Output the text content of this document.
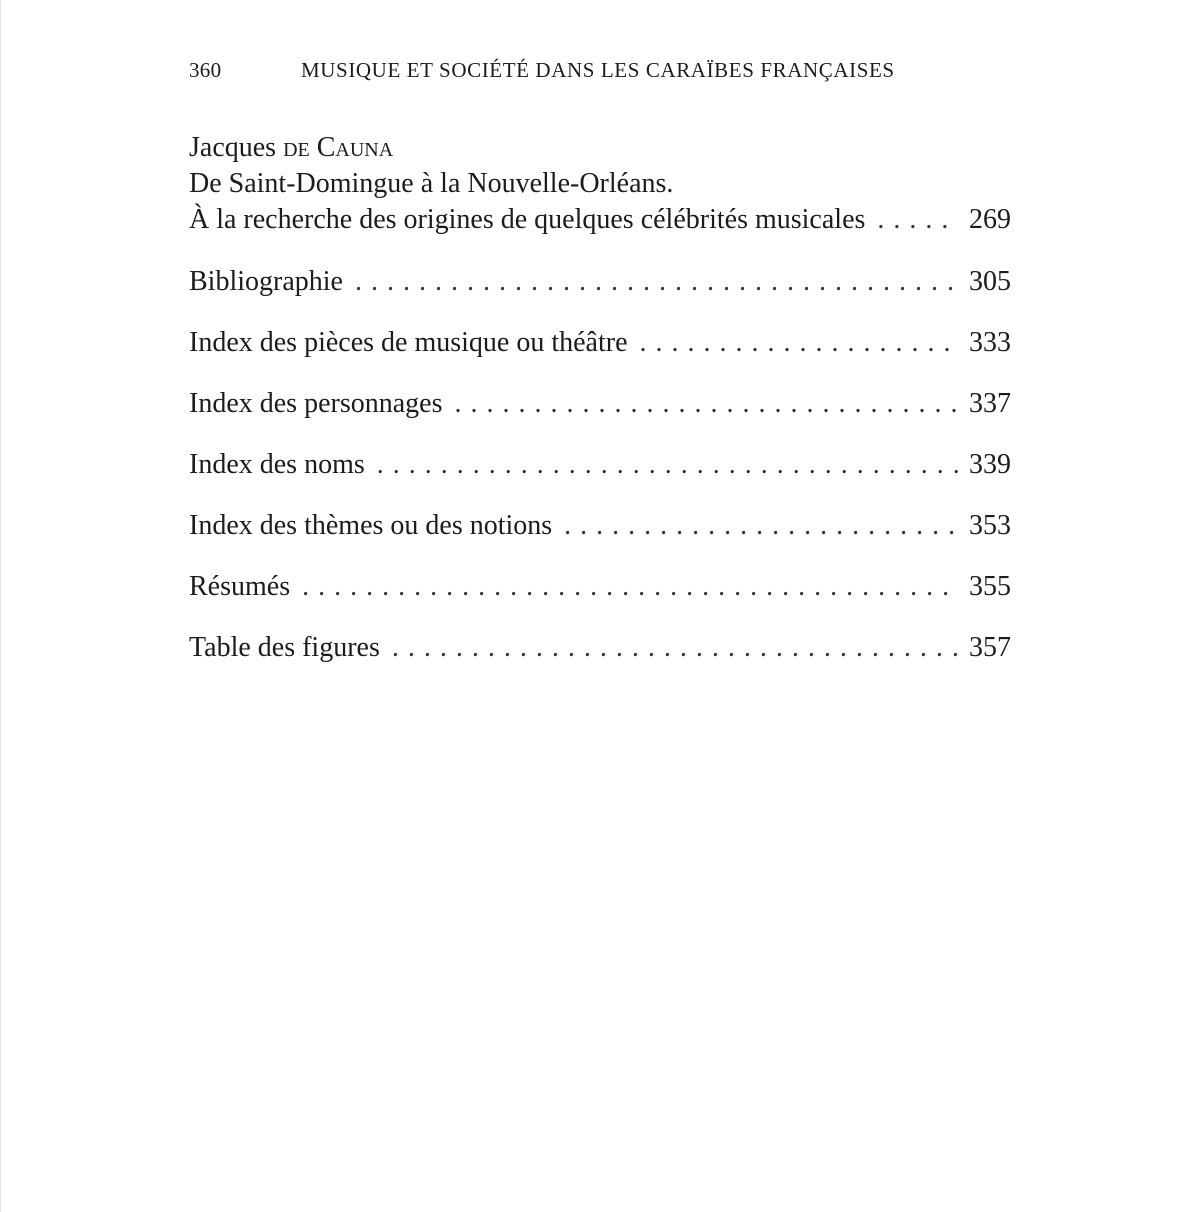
360	MUSIQUE ET SOCIÉTÉ DANS LES CARAÏBES FRANÇAISES
Jacques de Cauna
De Saint-Domingue à la Nouvelle-Orléans.
À la recherche des origines de quelques célébrités musicales . . .	269
Bibliographie . . .	305
Index des pièces de musique ou théâtre . . .	333
Index des personnages . . .	337
Index des noms . . .	339
Index des thèmes ou des notions . . .	353
Résumés . . .	355
Table des figures . . .	357
